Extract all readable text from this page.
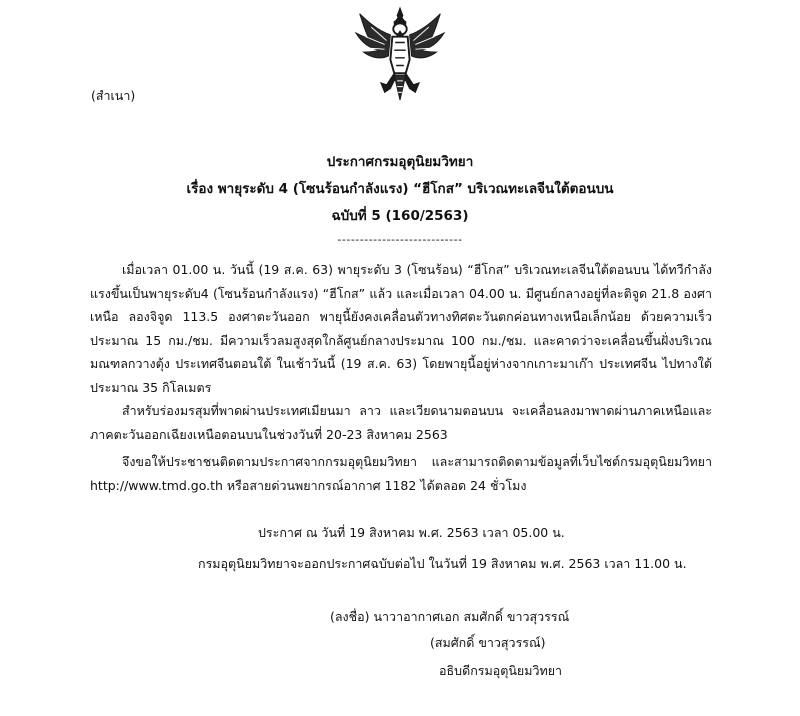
(สำเนา)
ประกาศกรมอุตุนิยมวิทยา
เรื่อง พายุระดับ 4 (โซนร้อนกำลังแรง) “ฮีโกส” บริเวณทะเลจีนใต้ตอนบน
ฉบับที่ 5 (160/2563)
----------------------------

เมื่อเวลา 01.00 น. วันนี้ (19 ส.ค. 63) พายุระดับ 3 (โซนร้อน) “ฮีโกส” บริเวณทะเลจีนใต้ตอนบน ได้ทวีกำลังแรงขึ้นเป็นพายุระดับ4 (โซนร้อนกำลังแรง) “ฮีโกส” แล้ว และเมื่อเวลา 04.00 น. มีศูนย์กลางอยู่ที่ละติจูด 21.8 องศาเหนือ ลองจิจูด 113.5 องศาตะวันออก พายุนี้ยังคงเคลื่อนตัวทางทิศตะวันตกค่อนทางเหนือเล็กน้อย ด้วยความเร็วประมาณ 15 กม./ชม. มีความเร็วลมสูงสุดใกล้ศูนย์กลางประมาณ 100 กม./ชม. และคาดว่าจะเคลื่อนขึ้นฝั่งบริเวณมณฑลกวางตุ้ง ประเทศจีนตอนใต้ ในเช้าวันนี้ (19 ส.ค. 63) โดยพายุนี้อยู่ห่างจากเกาะมาเก๊า ประเทศจีน ไปทางใต้ประมาณ 35 กิโลเมตร

สำหรับร่องมรสุมที่พาดผ่านประเทศเมียนมา ลาว และเวียดนามตอนบน จะเคลื่อนลงมาพาดผ่านภาคเหนือและภาคตะวันออกเฉียงเหนือตอนบนในช่วงวันที่ 20-23 สิงหาคม 2563

จึงขอให้ประชาชนติดตามประกาศจากกรมอุตุนิยมวิทยา และสามารถติดตามข้อมูลที่เว็บไซต์กรมอุตุนิยมวิทยา http://www.tmd.go.th หรือสายด่วนพยากรณ์อากาศ 1182 ได้ตลอด 24 ชั่วโมง

ประกาศ ณ วันที่ 19 สิงหาคม พ.ศ. 2563 เวลา 05.00 น.
กรมอุตุนิยมวิทยาจะออกประกาศฉบับต่อไป ในวันที่ 19 สิงหาคม พ.ศ. 2563 เวลา 11.00 น.
(ลงชื่อ) นาวาอากาศเอก สมศักดิ์ ขาวสุวรรณ์
(สมศักดิ์ ขาวสุวรรณ์)
อธิบดีกรมอุตุนิยมวิทยา
